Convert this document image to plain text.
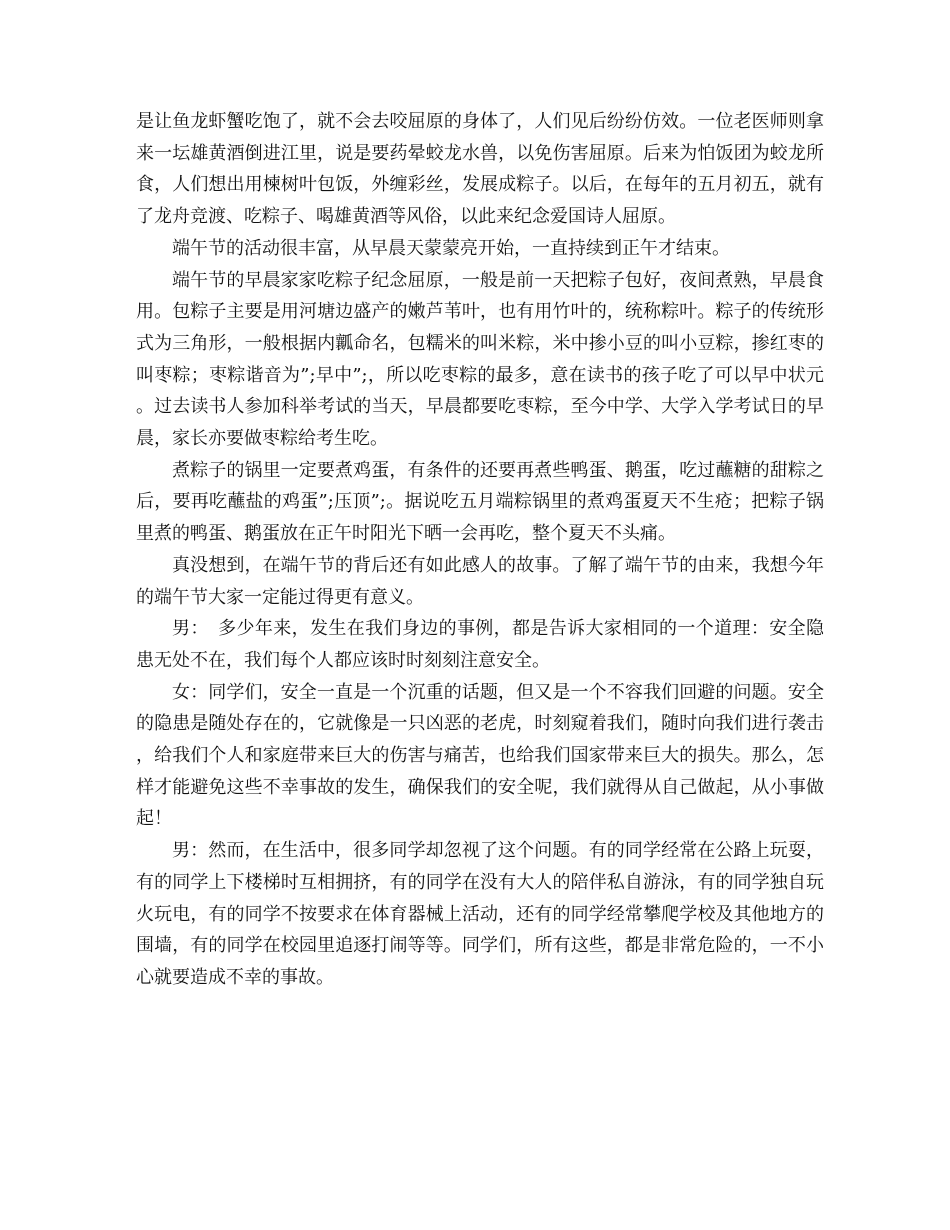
是让鱼龙虾蟹吃饱了，就不会去咬屈原的身体了，人们见后纷纷仿效。一位老医师则拿来一坛雄黄酒倒进江里，说是要药晕蛟龙水兽，以免伤害屈原。后来为怕饭团为蛟龙所食，人们想出用楝树叶包饭，外缠彩丝，发展成粽子。以后，在每年的五月初五，就有了龙舟竞渡、吃粽子、喝雄黄酒等风俗，以此来纪念爱国诗人屈原。

端午节的活动很丰富，从早晨天蒙蒙亮开始，一直持续到正午才结束。

端午节的早晨家家吃粽子纪念屈原，一般是前一天把粽子包好，夜间煮熟，早晨食用。包粽子主要是用河塘边盛产的嫩芦苇叶，也有用竹叶的，统称粽叶。粽子的传统形式为三角形，一般根据内瓤命名，包糯米的叫米粽，米中掺小豆的叫小豆粽，掺红枣的叫枣粽；枣粽谐音为”;早中”;，所以吃枣粽的最多，意在读书的孩子吃了可以早中状元。过去读书人参加科举考试的当天，早晨都要吃枣粽，至今中学、大学入学考试日的早晨，家长亦要做枣粽给考生吃。

煮粽子的锅里一定要煮鸡蛋，有条件的还要再煮些鸭蛋、鹅蛋，吃过蘸糖的甜粽之后，要再吃蘸盐的鸡蛋”;压顶”;。据说吃五月端粽锅里的煮鸡蛋夏天不生疮；把粽子锅里煮的鸭蛋、鹅蛋放在正午时阳光下晒一会再吃，整个夏天不头痛。

真没想到，在端午节的背后还有如此感人的故事。了解了端午节的由来，我想今年的端午节大家一定能过得更有意义。

男：　多少年来，发生在我们身边的事例，都是告诉大家相同的一个道理：安全隐患无处不在，我们每个人都应该时时刻刻注意安全。

女：同学们，安全一直是一个沉重的话题，但又是一个不容我们回避的问题。安全的隐患是随处存在的，它就像是一只凶恶的老虎，时刻窥着我们，随时向我们进行袭击，给我们个人和家庭带来巨大的伤害与痛苦，也给我们国家带来巨大的损失。那么，怎样才能避免这些不幸事故的发生，确保我们的安全呢，我们就得从自己做起，从小事做起！

男：然而，在生活中，很多同学却忽视了这个问题。有的同学经常在公路上玩耍，有的同学上下楼梯时互相拥挤，有的同学在没有大人的陪伴私自游泳，有的同学独自玩火玩电，有的同学不按要求在体育器械上活动，还有的同学经常攀爬学校及其他地方的围墙，有的同学在校园里追逐打闹等等。同学们，所有这些，都是非常危险的，一不小心就要造成不幸的事故。
